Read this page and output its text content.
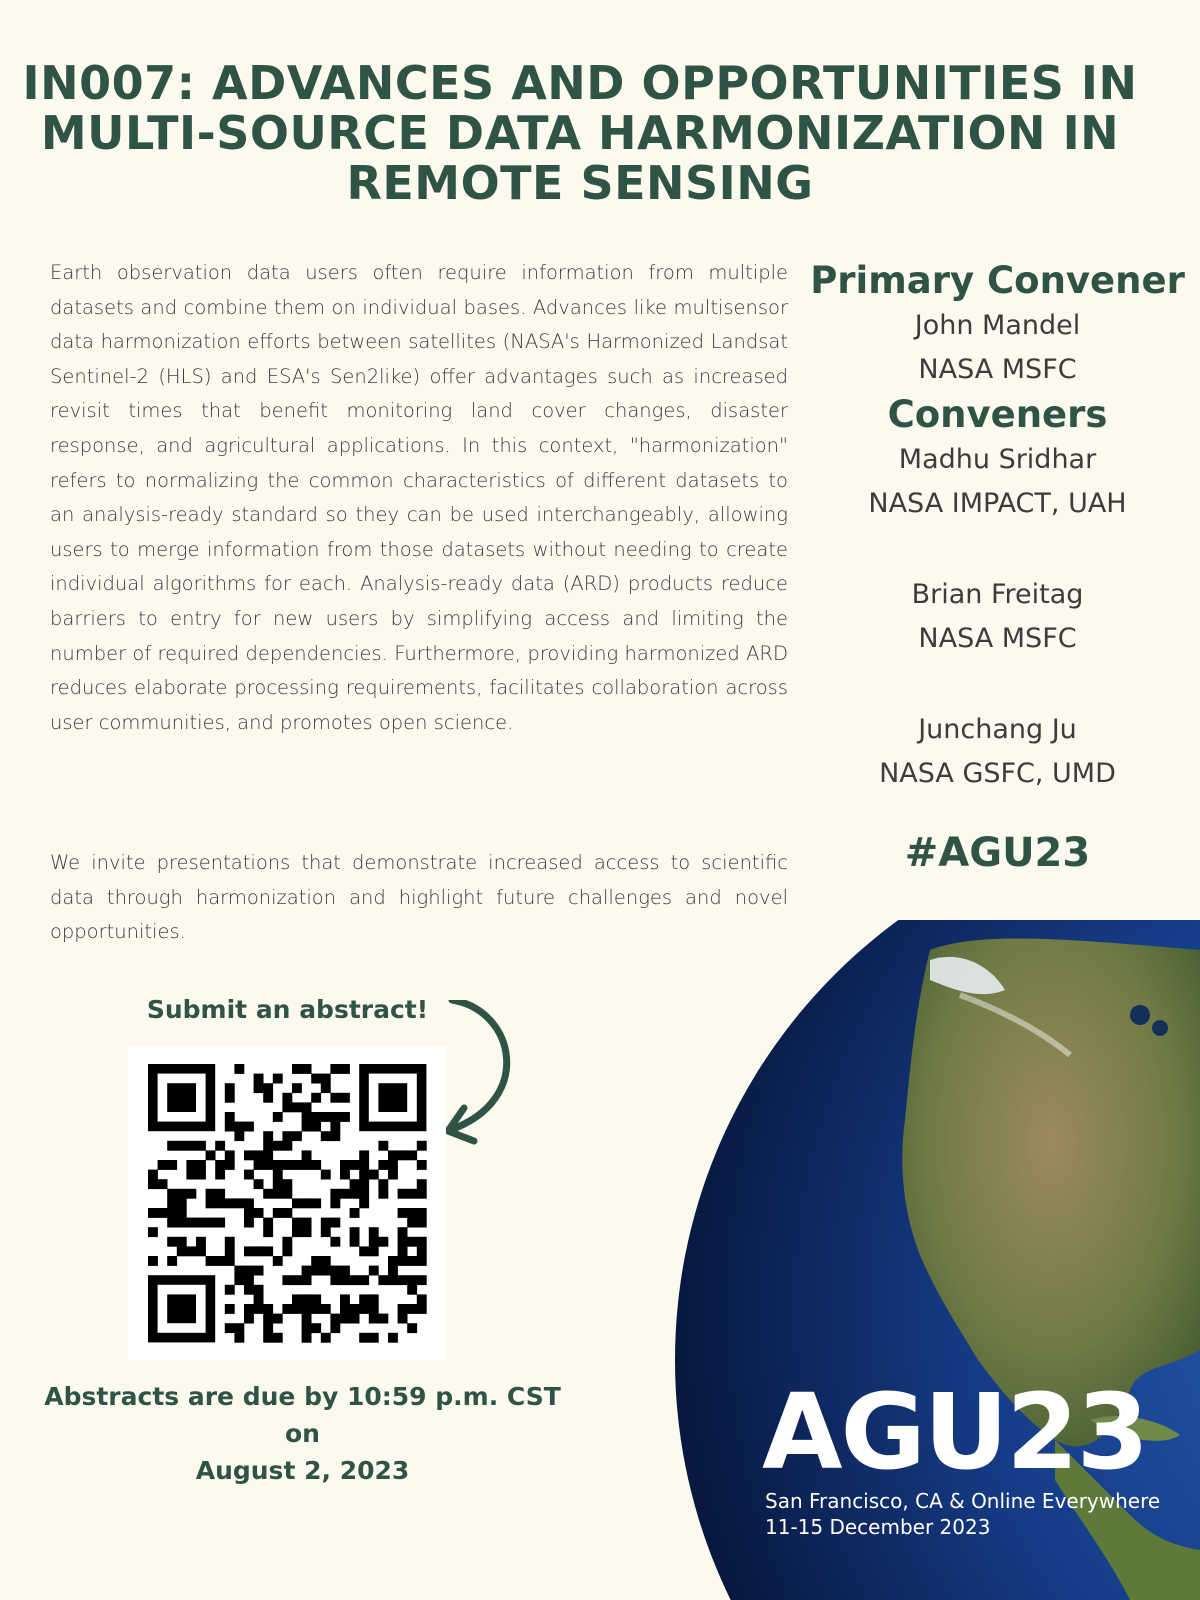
IN007: ADVANCES AND OPPORTUNITIES IN
MULTI-SOURCE DATA HARMONIZATION IN
REMOTE SENSING

Earth observation data users often require information from multiple datasets and combine them on individual bases. Advances like multisensor data harmonization efforts between satellites (NASA's Harmonized Landsat Sentinel-2 (HLS) and ESA's Sen2like) offer advantages such as increased revisit times that benefit monitoring land cover changes, disaster response, and agricultural applications. In this context, "harmonization" refers to normalizing the common characteristics of different datasets to an analysis-ready standard so they can be used interchangeably, allowing users to merge information from those datasets without needing to create individual algorithms for each. Analysis-ready data (ARD) products reduce barriers to entry for new users by simplifying access and limiting the number of required dependencies. Furthermore, providing harmonized ARD reduces elaborate processing requirements, facilitates collaboration across user communities, and promotes open science.

We invite presentations that demonstrate increased access to scientific data through harmonization and highlight future challenges and novel opportunities.

Primary Convener
John Mandel
NASA MSFC
Conveners
Madhu Sridhar
NASA IMPACT, UAH
Brian Freitag
NASA MSFC
Junchang Ju
NASA GSFC, UMD
#AGU23
Submit an abstract!
Abstracts are due by 10:59 p.m. CST on
August 2, 2023	AGU23
San Francisco, CA & Online Everywhere
11-15 December 2023
